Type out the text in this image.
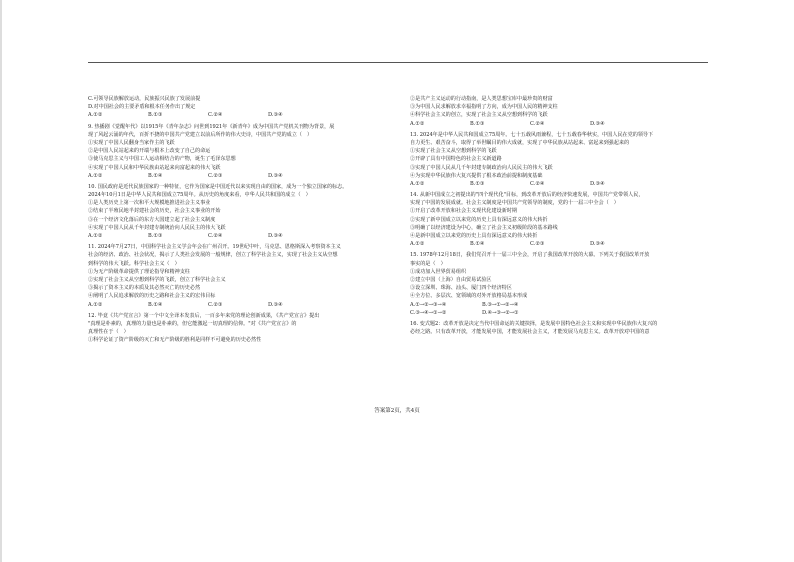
C.可领导民族解放运动，民族振兴民族了发展前提
D.对中国社会的主要矛盾和根本任务作出了规定
A.①②	B.①③	C.②④	D.③④
9. 热播剧《觉醒年代》以1915年《青年杂志》问世到1921年《新青年》成为中国共产党机关刊物为背景，展
现了风起云涌的年代，百折不挠的中国共产党建立以前后所作的伟大史诗，中国共产党的成立（　）
①实现了中国人民翻身当家作主的飞跃
②是中国人民站起来的开端与根本上改变了自己的命运
③使马克思主义与中国工人运动相结合的产物，诞生了毛泽东思想
④实现了中国人民和中华民族由站起来向富起来的伟大飞跃
A.①②	B.①④	C.②③	D.③④
10. 国民政府是近代民族国家的一种特征，它作为国家是中国近代以来实现自由的国家，成为一个独立国家的标志。
2024年10月1日是中华人民共和国成立75周年。从历史的角度来看，中华人民共和国的成立（　）
①是人类历史上第一次和平大规模地推进社会主义事业
②结束了半殖民地半封建社会的历史，社会主义事业的开始
③在一个经济文化落后的东方大国建立起了社会主义制度
④实现了中国人民从千年封建专制统治向人民民主的伟大飞跃
A.①②	B.①③	C.②④	D.③④
11. 2024年7月27日，中国科学社会主义学会年会在广州召开。19世纪中叶，马克思、恩格斯深入考察资本主义
社会的经济、政治、社会状况，揭示了人类社会发展的一般规律，创立了科学社会主义，实现了社会主义从空想
到科学的伟大飞跃。科学社会主义（　）
①为无产阶级革命提供了理论指导和精神支柱
②实现了社会主义从空想到科学的飞跃，创立了科学社会主义
③揭示了资本主义的本质及其必然灭亡的历史必然
④阐明了人民追求解放的历史之路和社会主义的宏伟目标
A.①②	B.①④	C.②③	D.③④
12. 毕竟《共产党宣言》第一个中文全译本发表后，一百多年来党的理论创新成果，《共产党宣言》提出
"真理是朴素的，真理的力量也是朴素的，但它能激起一切真理的信仰。"对《共产党宣言》的
真理性在于（　）
①科学论证了资产阶级的灭亡和无产阶级的胜利是同样不可避免的历史必然性
②是共产主义运动的行动指南，是人类思想宝库中最珍贵的财富
③为中国人民求解放求幸福指明了方向，成为中国人民的精神支柱
④科学社会主义的创立，实现了社会主义从空想到科学的飞跃
A.①②	B.①③	C.②④	D.③④
13. 2024年是中华人民共和国成立75周年。七十五载风雨兼程，七十五载春华秋实，中国人民在党的领导下
自力更生、艰苦奋斗，取得了举世瞩目的伟大成就，实现了中华民族从站起来、富起来到强起来的
①实现了社会主义从空想到科学的飞跃
②开辟了具有中国特色的社会主义新道路
③实现了中国人民从几千年封建专制政治向人民民主的伟大飞跃
④为实现中华民族伟大复兴提供了根本政治前提和制度基础
A.①②	B.①③	C.②④	D.③④
14. 从新中国成立之初提出的"四个现代化"目标，到改革开放后的经济快速发展，中国共产党带领人民，
实现了中国的发展成就。社会主义制度是中国共产党领导的制度，党的十一届三中全会（　）
①开启了改革开放和社会主义现代化建设新时期
②实现了新中国成立以来党的历史上具有深远意义的伟大转折
③明确了以经济建设为中心，确立了社会主义初级阶段的基本路线
④是新中国成立以来党的历史上具有深远意义的伟大转折
A.①②	B.①④	C.②③	D.③④
15. 1978年12月18日，我们党召开十一届三中全会，开启了我国改革开放的大幕。下列关于我国改革开放
事实的是（　）
①成功加入世界贸易组织
②建立中国（上海）自由贸易试验区
③设立深圳、珠海、汕头、厦门四个经济特区
④全方位、多层次、宽领域的对外开放格局基本形成
A.①→②→③→④	B.③→①→②→④
C.③→④→①→②	D.④→③→②→①
16. 变式题2：改革开放是决定当代中国命运的关键抉择，是发展中国特色社会主义和实现中华民族伟大复兴的
必经之路。只有改革开放，才能发展中国，才能发展社会主义，才能发展马克思主义。改革开放对中国的意
答案第2页，共4页
